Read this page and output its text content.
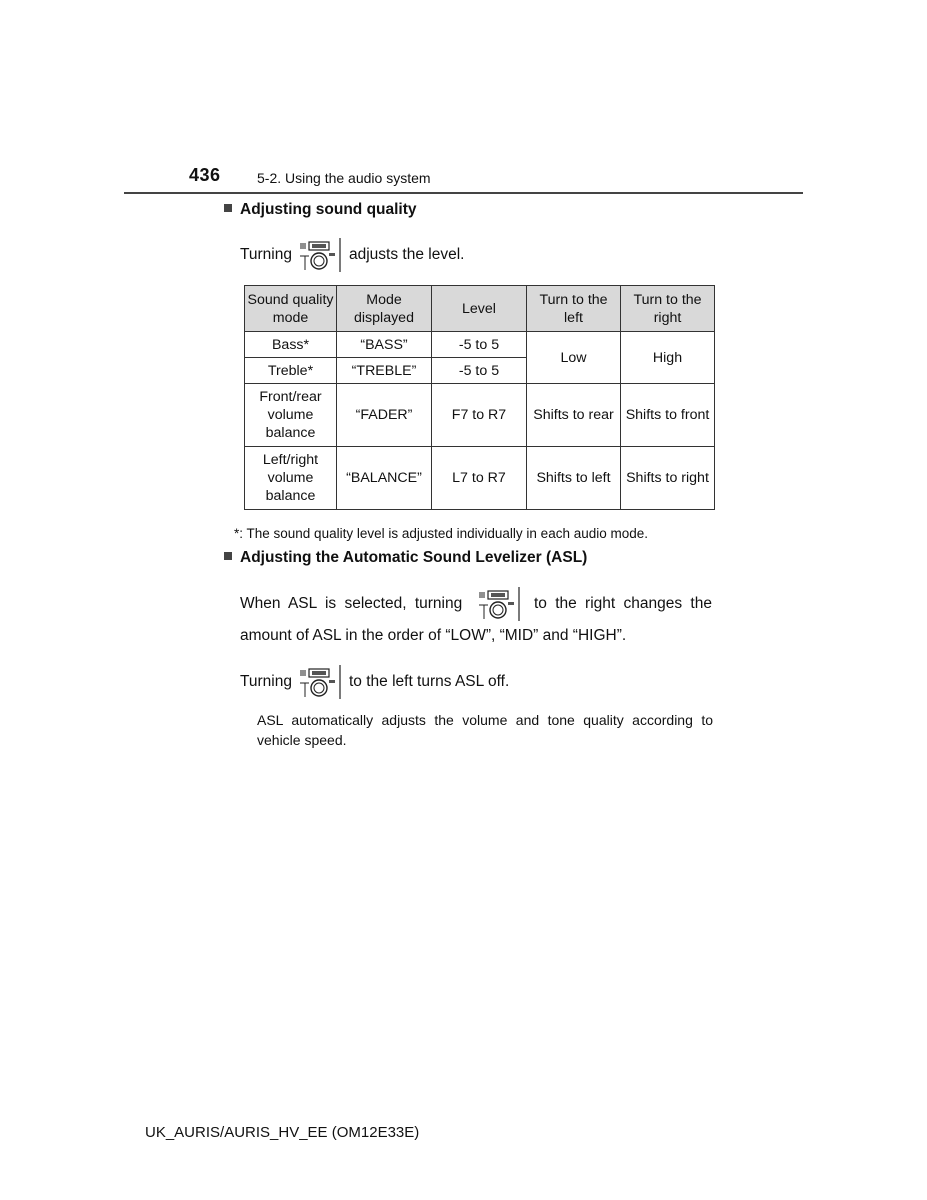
436	5-2. Using the audio system
Adjusting sound quality
Turning	adjusts the level.
Sound quality mode	Mode displayed	Level	Turn to the left	Turn to the right
Bass*	“BASS”	-5 to 5	Low	High
Treble*	“TREBLE”	-5 to 5		
Front/rear volume balance	“FADER”	F7 to R7	Shifts to rear	Shifts to front
Left/right volume balance	“BALANCE”	L7 to R7	Shifts to left	Shifts to right
*: The sound quality level is adjusted individually in each audio mode.
Adjusting the Automatic Sound Levelizer (ASL)
When ASL is selected, turning	to the right changes the
amount of ASL in the order of “LOW”, “MID” and “HIGH”.
Turning	to the left turns ASL off.
ASL automatically adjusts the volume and tone quality according to vehicle speed.
UK_AURIS/AURIS_HV_EE (OM12E33E)
